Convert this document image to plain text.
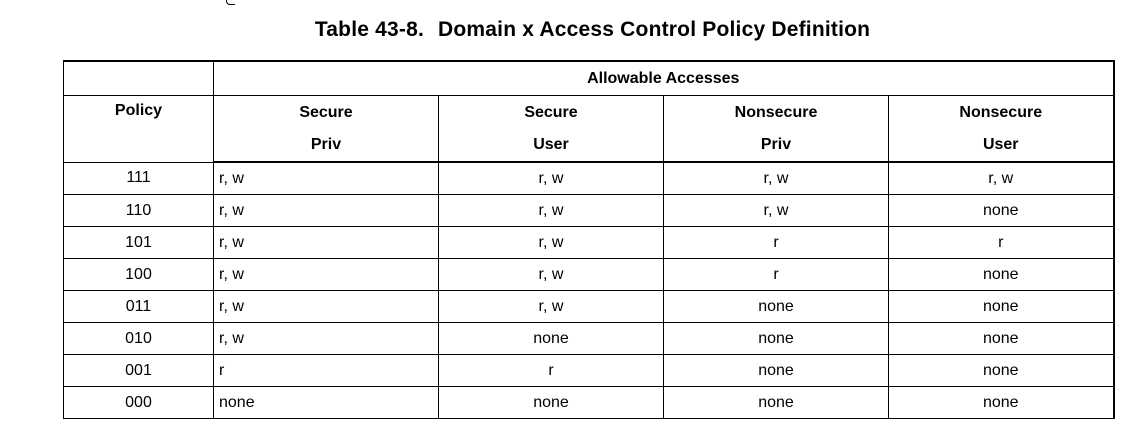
Table 43-8. Domain x Access Control Policy Definition
	Allowable Accesses			
Policy	Secure	Secure	Nonsecure	Nonsecure
	Priv	User	Priv	User
111	r, w	r, w	r, w	r, w
110	r, w	r, w	r, w	none
101	r, w	r, w	r	r
100	r, w	r, w	r	none
011	r, w	r, w	none	none
010	r, w	none	none	none
001	r	r	none	none
000	none	none	none	none
